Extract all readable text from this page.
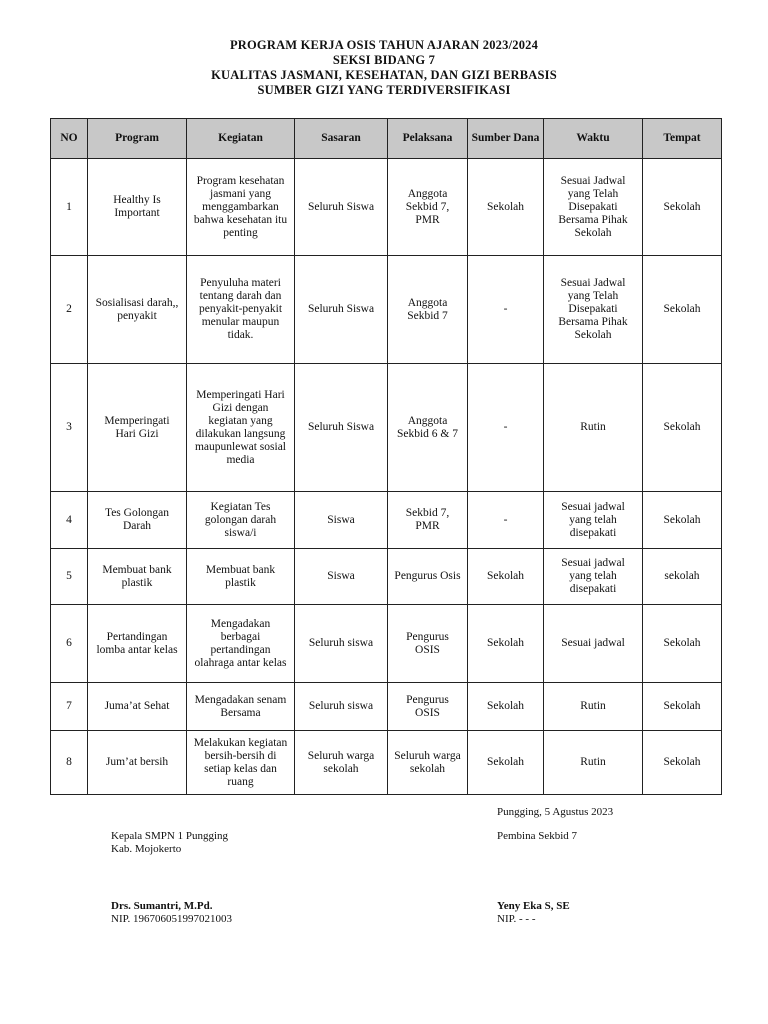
PROGRAM KERJA OSIS TAHUN AJARAN 2023/2024
SEKSI BIDANG 7
KUALITAS JASMANI, KESEHATAN, DAN GIZI BERBASIS
SUMBER GIZI YANG TERDIVERSIFIKASI
NO	Program	Kegiatan	Sasaran	Pelaksana	Sumber Dana	Waktu	Tempat
1	Healthy Is Important	Program kesehatan jasmani yang menggambarkan bahwa kesehatan itu penting	Seluruh Siswa	Anggota Sekbid 7, PMR	Sekolah	Sesuai Jadwal yang Telah Disepakati Bersama Pihak Sekolah	Sekolah
2	Sosialisasi darah,, penyakit	Penyuluha materi tentang darah dan penyakit-penyakit menular maupun tidak.	Seluruh Siswa	Anggota Sekbid 7	-	Sesuai Jadwal yang Telah Disepakati Bersama Pihak Sekolah	Sekolah
3	Memperingati Hari Gizi	Memperingati Hari Gizi dengan kegiatan yang dilakukan langsung maupunlewat sosial media	Seluruh Siswa	Anggota Sekbid 6 & 7	-	Rutin	Sekolah
4	Tes Golongan Darah	Kegiatan Tes golongan darah siswa/i	Siswa	Sekbid 7, PMR	-	Sesuai jadwal yang telah disepakati	Sekolah
5	Membuat bank plastik	Membuat bank plastik	Siswa	Pengurus Osis	Sekolah	Sesuai jadwal yang telah disepakati	sekolah
6	Pertandingan lomba antar kelas	Mengadakan berbagai pertandingan olahraga antar kelas	Seluruh siswa	Pengurus OSIS	Sekolah	Sesuai jadwal	Sekolah
7	Juma’at Sehat	Mengadakan senam Bersama	Seluruh siswa	Pengurus OSIS	Sekolah	Rutin	Sekolah
8	Jum’at bersih	Melakukan kegiatan bersih-bersih di setiap kelas dan ruang	Seluruh warga sekolah	Seluruh warga sekolah	Sekolah	Rutin	Sekolah
Pungging, 5 Agustus 2023
Kepala SMPN 1 Pungging
Kab. Mojokerto
Pembina Sekbid 7
Drs. Sumantri, M.Pd.
NIP. 196706051997021003
Yeny Eka S, SE
NIP. - - -
